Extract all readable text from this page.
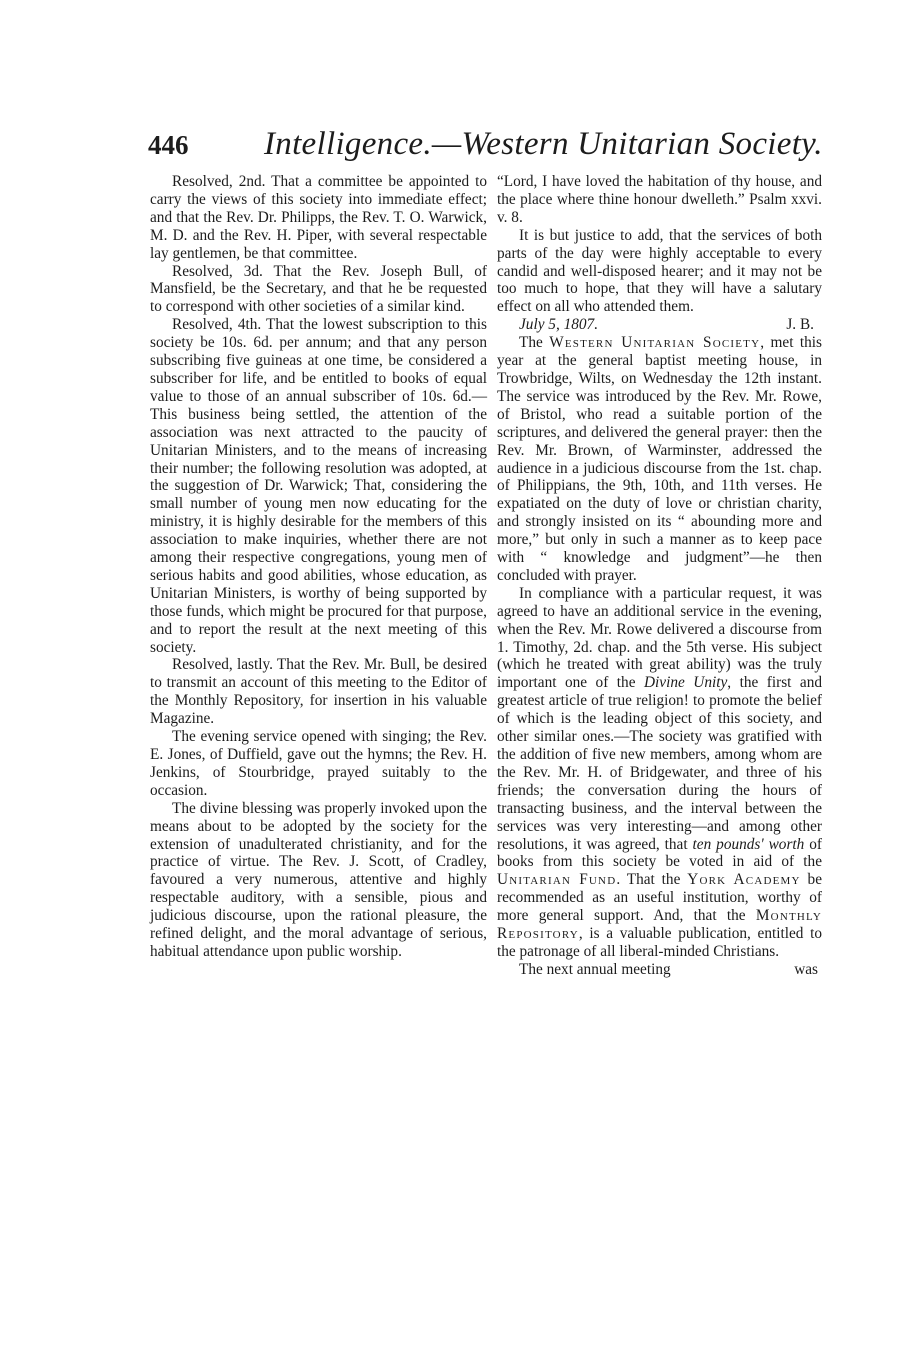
446 Intelligence.—Western Unitarian Society.

Resolved, 2nd. That a committee be appointed to carry the views of this society into immediate effect; and that the Rev. Dr. Philipps, the Rev. T. O. Warwick, M. D. and the Rev. H. Piper, with several respectable lay gentlemen, be that committee.

Resolved, 3d. That the Rev. Joseph Bull, of Mansfield, be the Secretary, and that he be requested to correspond with other societies of a similar kind.

Resolved, 4th. That the lowest subscription to this society be 10s. 6d. per annum; and that any person subscribing five guineas at one time, be considered a subscriber for life, and be entitled to books of equal value to those of an annual subscriber of 10s. 6d.—This business being settled, the attention of the association was next attracted to the paucity of Unitarian Ministers, and to the means of increasing their number; the following resolution was adopted, at the suggestion of Dr. Warwick; That, considering the small number of young men now educating for the ministry, it is highly desirable for the members of this association to make inquiries, whether there are not among their respective congregations, young men of serious habits and good abilities, whose education, as Unitarian Ministers, is worthy of being supported by those funds, which might be procured for that purpose, and to report the result at the next meeting of this society.

Resolved, lastly. That the Rev. Mr. Bull, be desired to transmit an account of this meeting to the Editor of the Monthly Repository, for insertion in his valuable Magazine.

The evening service opened with singing; the Rev. E. Jones, of Duffield, gave out the hymns; the Rev. H. Jenkins, of Stourbridge, prayed suitably to the occasion.

The divine blessing was properly invoked upon the means about to be adopted by the society for the extension of unadulterated christianity, and for the practice of virtue. The Rev. J. Scott, of Cradley, favoured a very numerous, attentive and highly respectable auditory, with a sensible, pious and judicious discourse, upon the rational pleasure, the refined delight, and the moral advantage of serious, habitual attendance upon public worship.

“Lord, I have loved the habitation of thy house, and the place where thine honour dwelleth.” Psalm xxvi. v. 8.

It is but justice to add, that the services of both parts of the day were highly acceptable to every candid and well-disposed hearer; and it may not be too much to hope, that they will have a salutary effect on all who attended them.

July 5, 1807.	J. B.

The Western Unitarian Society, met this year at the general baptist meeting house, in Trowbridge, Wilts, on Wednesday the 12th instant. The service was introduced by the Rev. Mr. Rowe, of Bristol, who read a suitable portion of the scriptures, and delivered the general prayer: then the Rev. Mr. Brown, of Warminster, addressed the audience in a judicious discourse from the 1st. chap. of Philippians, the 9th, 10th, and 11th verses. He expatiated on the duty of love or christian charity, and strongly insisted on its “ abounding more and more,” but only in such a manner as to keep pace with “ knowledge and judgment”—he then concluded with prayer.

In compliance with a particular request, it was agreed to have an additional service in the evening, when the Rev. Mr. Rowe delivered a discourse from 1. Timothy, 2d. chap. and the 5th verse. His subject (which he treated with great ability) was the truly important one of the Divine Unity, the first and greatest article of true religion! to promote the belief of which is the leading object of this society, and other similar ones.—The society was gratified with the addition of five new members, among whom are the Rev. Mr. H. of Bridgewater, and three of his friends; the conversation during the hours of transacting business, and the interval between the services was very interesting—and among other resolutions, it was agreed, that ten pounds' worth of books from this society be voted in aid of the Unitarian Fund. That the York Academy be recommended as an useful institution, worthy of more general support. And, that the Monthly Repository, is a valuable publication, entitled to the patronage of all liberal-minded Christians.

The next annual meeting	was
